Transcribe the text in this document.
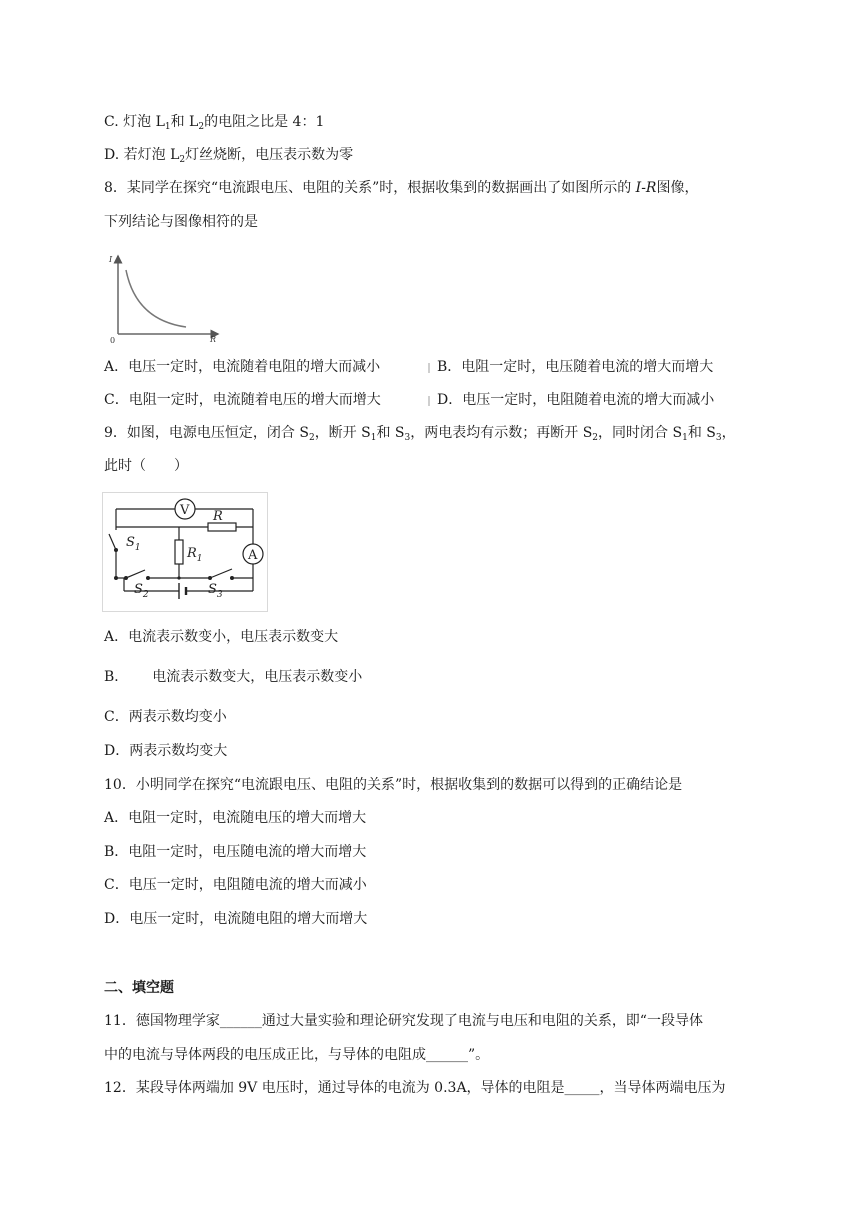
C. 灯泡 $L_1$和 $L_2$的电阻之比是 4：1
D. 若灯泡 $L_2$灯丝烧断，电压表示数为零
8．某同学在探究“电流跟电压、电阻的关系”时，根据收集到的数据画出了如图所示的 I-R图像，
下列结论与图像相符的是
I
R
0
A．电压一定时，电流随着电阻的增大而减小	B．电阻一定时，电压随着电流的增大而增大
C．电阻一定时，电流随着电压的增大而增大	D．电压一定时，电阻随着电流的增大而减小
9．如图，电源电压恒定，闭合 $S_2$，断开 $S_1$和 $S_3$，两电表均有示数；再断开 $S_2$，同时闭合 $S_1$和 $S_3$，
此时（　　）
V
A
R
$R_1$
$S_1$
$S_2$	$S_3$
A．电流表示数变小，电压表示数变大
B． 电流表示数变大，电压表示数变小
C．两表示数均变小
D．两表示数均变大
10．小明同学在探究“电流跟电压、电阻的关系”时，根据收集到的数据可以得到的正确结论是
A．电阻一定时，电流随电压的增大而增大
B．电阻一定时，电压随电流的增大而增大
C．电压一定时，电阻随电流的增大而减小
D．电压一定时，电流随电阻的增大而增大
二、填空题
11．德国物理学家______通过大量实验和理论研究发现了电流与电压和电阻的关系，即“一段导体
中的电流与导体两段的电压成正比，与导体的电阻成______”。
12．某段导体两端加 9V 电压时，通过导体的电流为 0.3A，导体的电阻是_____，当导体两端电压为
